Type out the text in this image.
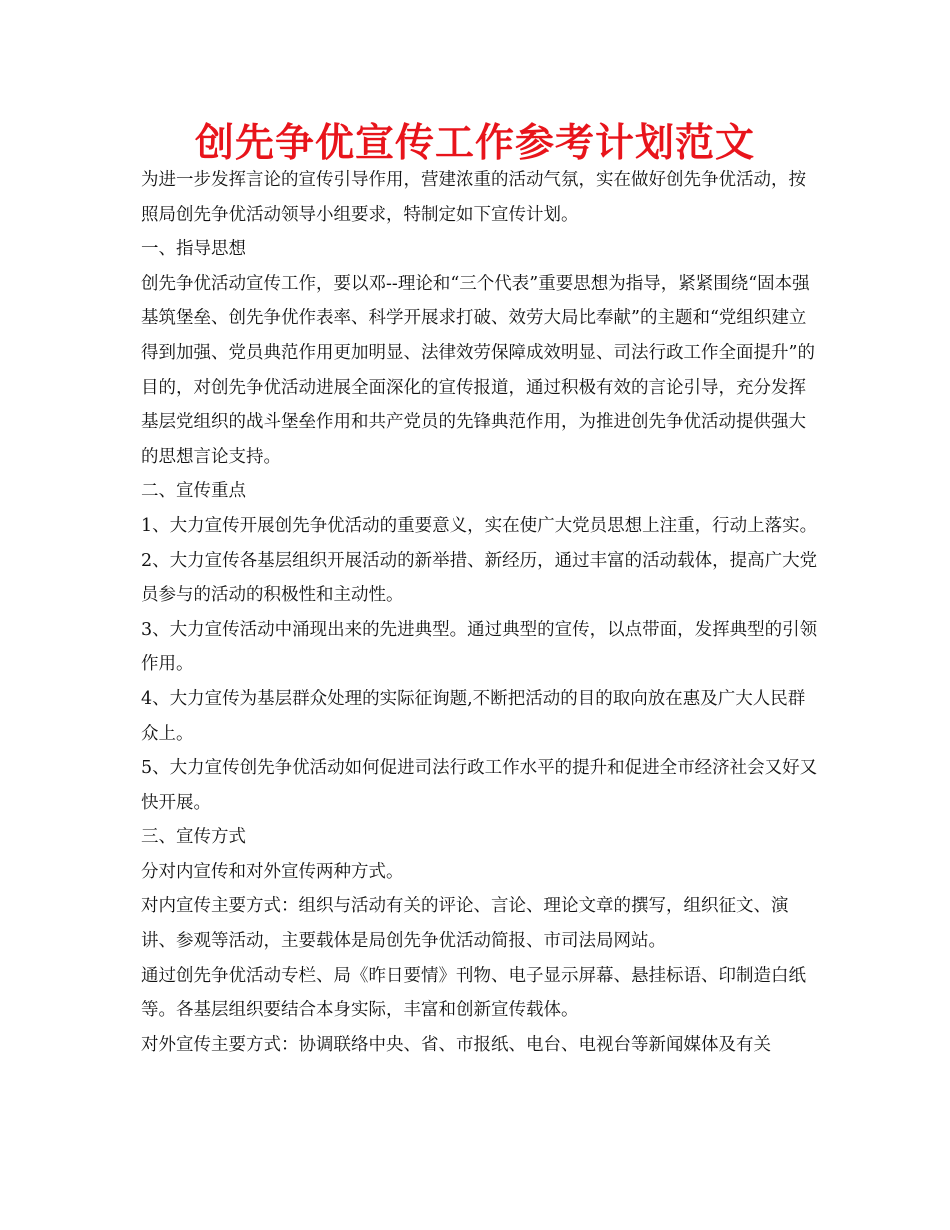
创先争优宣传工作参考计划范文

为进一步发挥言论的宣传引导作用，营建浓重的活动气氛，实在做好创先争优活动，按照局创先争优活动领导小组要求，特制定如下宣传计划。

一、指导思想

创先争优活动宣传工作，要以邓--理论和“三个代表”重要思想为指导，紧紧围绕“固本强基筑堡垒、创先争优作表率、科学开展求打破、效劳大局比奉献”的主题和“党组织建立得到加强、党员典范作用更加明显、法律效劳保障成效明显、司法行政工作全面提升”的目的，对创先争优活动进展全面深化的宣传报道，通过积极有效的言论引导，充分发挥基层党组织的战斗堡垒作用和共产党员的先锋典范作用，为推进创先争优活动提供强大的思想言论支持。

二、宣传重点

1、大力宣传开展创先争优活动的重要意义，实在使广大党员思想上注重，行动上落实。

2、大力宣传各基层组织开展活动的新举措、新经历，通过丰富的活动载体，提高广大党员参与的活动的积极性和主动性。

3、大力宣传活动中涌现出来的先进典型。通过典型的宣传，以点带面，发挥典型的引领作用。

4、大力宣传为基层群众处理的实际征询题,不断把活动的目的取向放在惠及广大人民群众上。

5、大力宣传创先争优活动如何促进司法行政工作水平的提升和促进全市经济社会又好又快开展。

三、宣传方式

分对内宣传和对外宣传两种方式。

对内宣传主要方式：组织与活动有关的评论、言论、理论文章的撰写，组织征文、演讲、参观等活动，主要载体是局创先争优活动简报、市司法局网站。

通过创先争优活动专栏、局《昨日要情》刊物、电子显示屏幕、悬挂标语、印制造白纸等。各基层组织要结合本身实际，丰富和创新宣传载体。

对外宣传主要方式：协调联络中央、省、市报纸、电台、电视台等新闻媒体及有关
